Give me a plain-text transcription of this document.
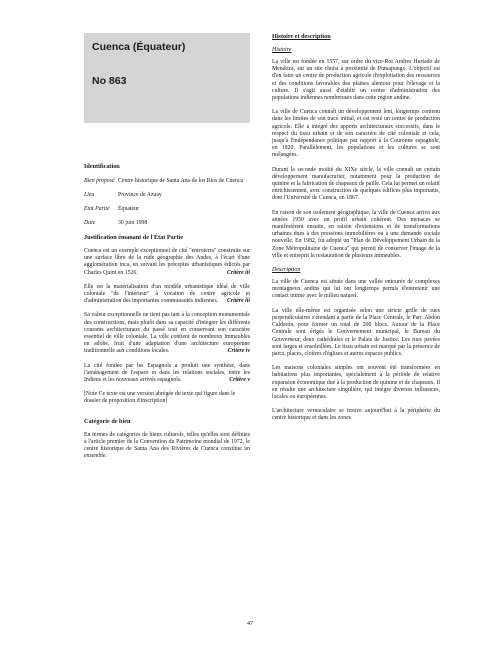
Cuenca (Équateur)
No 863
Identification
Bien proposé Centre historique de Santa Ana de los Rios de Cuenca
Lieu	Province de Azuay
État Partie	Équateur
Date	30 juin 1998
Justification émanant de l'État Partie

Cuenca est un exemple exceptionnel de cité "entroterra" construite sur une surface libre de la rude géographie des Andes, à l'écart d'une agglomération inca, en suivant les préceptes urbanistiques édictés par Charles Quint en 1526.	Critère iii

Elle est la matérialisation d'un modèle urbanistique idéal de ville coloniale "de l'intérieur" à vocation de centre agricole et d'administration des importantes communautés indiennes. Critère iii

Sa valeur exceptionnelle ne tient pas tant à la conception monumentale des constructions, mais plutôt dans sa capacité d'intégrer les différents courants architecturaux du passé tout en conservant son caractère essentiel de ville coloniale. La ville contient de nombreux immeubles en adobe, fruit d'une adaptation d'une architecture européenne traditionnelle aux conditions locales.	Critère iv

La cité fondée par les Espagnols a produit une synthèse, dans l'aménagement de l'espace et dans les relations sociales, entre les Indiens et les nouveaux arrivés espagnols.	Critère v

[Note Ce texte est une version abrégée du texte qui figure dans le dossier de proposition d'inscription]

Catégorie de bien

En termes de catégories de biens culturels, telles qu'elles sont définies à l'article premier de la Convention du Patrimoine mondial de 1972, le centre historique de Santa Ana des Rivières de Cuenca constitue un ensemble.

Histoire et description
Histoire

La ville est fondée en 1557, sur ordre du vice-Roi Andres Hurtado de Mendoza, sur un site choisi à proximité de Pumapungo. L'objectif est d'en faire un centre de production agricole d'exploitation des ressources et des conditions favorables des plaines alentour pour l'élevage et la culture. Il s'agit aussi d'établir un centre d'administration des populations indiennes nombreuses dans cette région andine.

La ville de Cuenca connaît un développement lent, longtemps contenu dans les limites de son tracé initial, et est resté un centre de production agricole. Elle a intégré des apports architecturaux successifs, dans le respect du tissu urbain et de son caractère de cité coloniale et cela, jusqu'à l'indépendance politique par rapport à la Couronne espagnole, en 1820. Parallèlement, les populations et les cultures se sont mélangées.

Durant la seconde moitié du XIXe siècle, la ville connaît un certain développement manufacturier, notamment pour la production de quinine et la fabrication de chapeaux de paille. Cela lui permet un relatif enrichissement, avec construction de quelques édifices plus importants, dont l'Université de Cuenca, en 1867.

En raison de son isolement géographique, la ville de Cuenca arriva aux années 1950 avec un profil urbain cohérent. Des menaces se manifestèrent ensuite, en raison d'extensions et de transformations urbaines dues à des pressions immobilières ou à une demande sociale nouvelle. En 1982, fut adopté un "Plan de Développement Urbain de la Zone Métropolitaine de Cuenca" qui permit de conserver l'image de la ville et entreprit la restauration de plusieurs immeubles.

Description

La ville de Cuenca est située dans une vallée entourée de complexes montagneux andins qui lui ont longtemps permis d'entretenir une contact intime avec le milieu naturel.

La ville elle-même est organisée selon une stricte grille de rues perpendiculaires s'étendant à partir de la Place Centrale, le Parc Abdón Calderón, pour former un total de 200 blocs. Autour de la Place Centrale sont érigés le Gouvernement municipal, le Bureau du Gouverneur, deux cathédrales et le Palais de Justice. Les rues pavées sont larges et ensoleillées. Le tissu urbain est marqué par la présence de parcs, places, cloîtres d'églises et autres espaces publics.

Les maisons coloniales simples ont souvent été transformées en habitations plus importantes, spécialement à la période de relative expansion économique due à la production de quinine et de chapeaux. Il en résulte une architecture singulière, qui intègre diverses influences, locales ou européennes.

L'architecture vernaculaire se trouve aujourd'hui à la périphérie du centre historique et dans les zones

47
